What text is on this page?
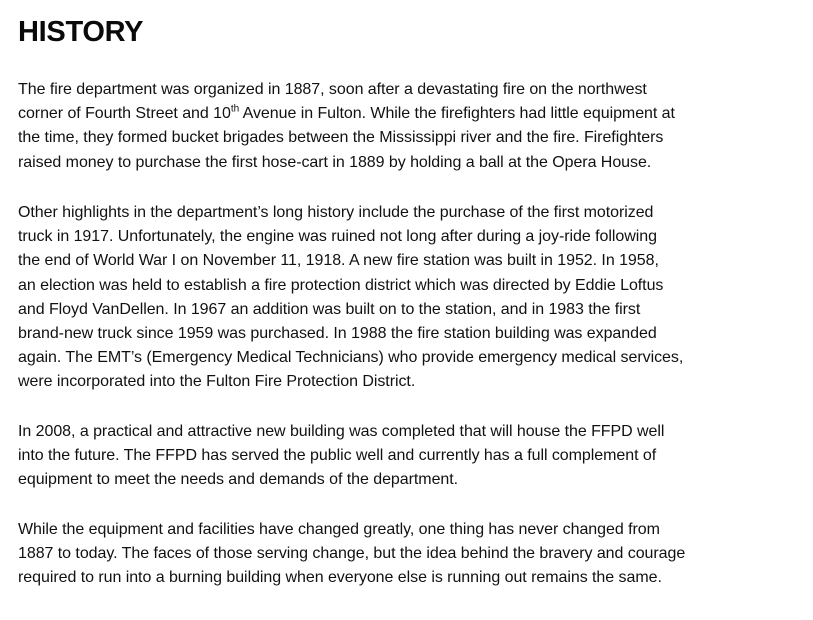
HISTORY
The fire department was organized in 1887, soon after a devastating fire on the northwest
corner of Fourth Street and 10th Avenue in Fulton. While the firefighters had little equipment at
the time, they formed bucket brigades between the Mississippi river and the fire. Firefighters
raised money to purchase the first hose-cart in 1889 by holding a ball at the Opera House.
Other highlights in the department’s long history include the purchase of the first motorized
truck in 1917. Unfortunately, the engine was ruined not long after during a joy-ride following
the end of World War I on November 11, 1918. A new fire station was built in 1952. In 1958,
an election was held to establish a fire protection district which was directed by Eddie Loftus
and Floyd VanDellen. In 1967 an addition was built on to the station, and in 1983 the first
brand-new truck since 1959 was purchased. In 1988 the fire station building was expanded
again. The EMT’s (Emergency Medical Technicians) who provide emergency medical services,
were incorporated into the Fulton Fire Protection District.
In 2008, a practical and attractive new building was completed that will house the FFPD well
into the future. The FFPD has served the public well and currently has a full complement of
equipment to meet the needs and demands of the department.
While the equipment and facilities have changed greatly, one thing has never changed from
1887 to today. The faces of those serving change, but the idea behind the bravery and courage
required to run into a burning building when everyone else is running out remains the same.
